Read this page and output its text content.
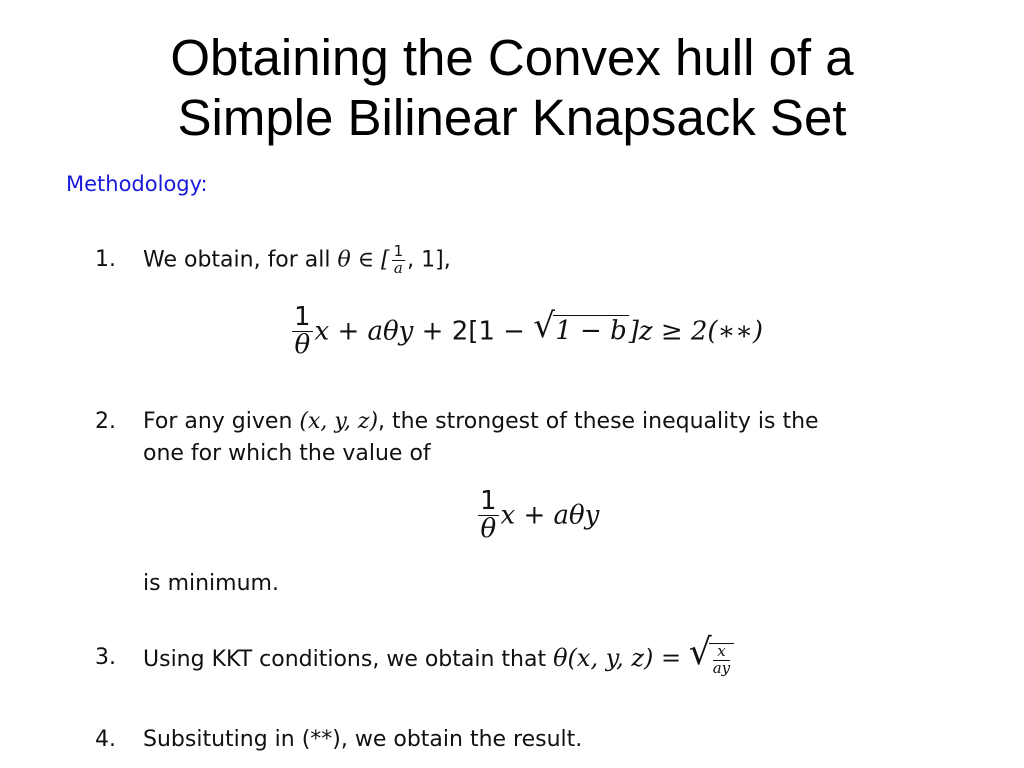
Obtaining the Convex hull of a
Simple Bilinear Knapsack Set
Methodology:
1. We obtain, for all θ ∈ [ $\frac{1}{a}$ , 1],
$\frac{1}{\theta}$ x + aθy + 2[1 − √ 1 − b]z ≥ 2(∗∗)
2. For any given (x, y, z), the strongest of these inequality is the
one for which the value of
$\frac{1}{\theta}$ x + aθy
is minimum.
3. Using KKT conditions, we obtain that θ(x, y, z) = √ $\frac{x}{ay}$
4. Subsituting in (**), we obtain the result.
